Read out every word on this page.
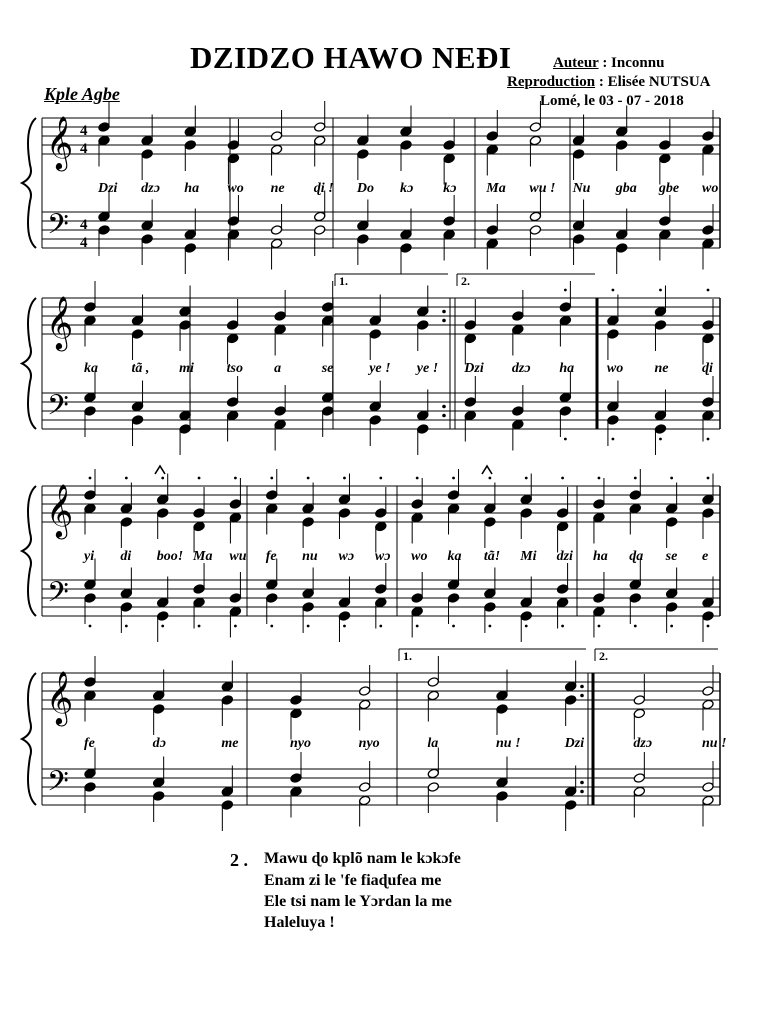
DZIDZO HAWO NEƉI	Auteur : Inconnu
Reproduction : Elisée NUTSUA
Lomé, le 03 - 07 - 2018
Kple Agbe
𝄞
𝄢
4
4
4
4
Dzi dzɔ ha wo ne ɖi ! Do kɔ kɔ Ma wu ! Nu gba gbe wo
𝄞
𝄢
ka tã , mi tso a	se	ye ! ye ! Dzi dzɔ ha wo ne ɖi
1.	2.
𝄞
𝄢
yi di boo! Ma wu fe nu wɔ wɔ wo ka tã! Mi dzi ha ɖa se e
𝄞
𝄢
fe	dɔ	me	nyo	nyo	la	nu !	Dzi	dzɔ	nu !
1.	2.
2 . Mawu ɖo kplõ nam le kɔkɔfe
Enam zi le 'fe fiaɖufea me
Ele tsi nam le Yɔrdan la me
Haleluya !
